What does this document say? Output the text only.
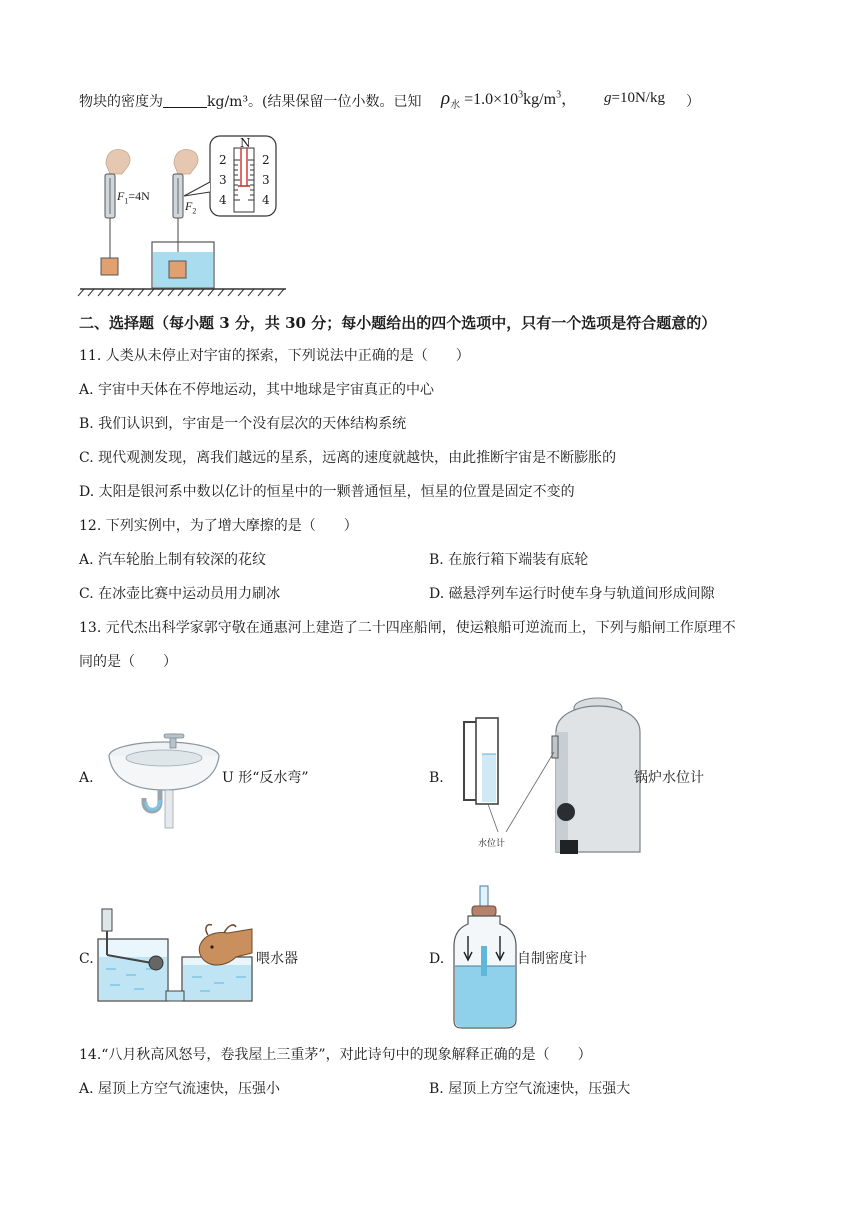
物块的密度为	kg/m³。(结果保留一位小数。已知 $\rho_水 =1.0\times 10^3kg/m^3$， g=10N/kg ）
N
2
3
4
2
3
4
$F_1=4N$
$F_2$
二、选择题（每小题 3 分，共 30 分；每小题给出的四个选项中，只有一个选项是符合题意的）
11. 人类从未停止对宇宙的探索，下列说法中正确的是（　　）
A. 宇宙中天体在不停地运动，其中地球是宇宙真正的中心
B. 我们认识到，宇宙是一个没有层次的天体结构系统
C. 现代观测发现，离我们越远的星系，远离的速度就越快，由此推断宇宙是不断膨胀的
D. 太阳是银河系中数以亿计的恒星中的一颗普通恒星，恒星的位置是固定不变的
12. 下列实例中，为了增大摩擦的是（　　）
A. 汽车轮胎上制有较深的花纹	B. 在旅行箱下端装有底轮
C. 在冰壶比赛中运动员用力刷冰	D. 磁悬浮列车运行时使车身与轨道间形成间隙
13. 元代杰出科学家郭守敬在通惠河上建造了二十四座船闸，使运粮船可逆流而上，下列与船闸工作原理不
同的是（　　）
A.	U 形“反水弯”	B.
水位计
锅炉水位计
C.	喂水器	D.	自制密度计
14.“八月秋高风怒号，卷我屋上三重茅”，对此诗句中的现象解释正确的是（　　）
A. 屋顶上方空气流速快，压强小	B. 屋顶上方空气流速快，压强大
